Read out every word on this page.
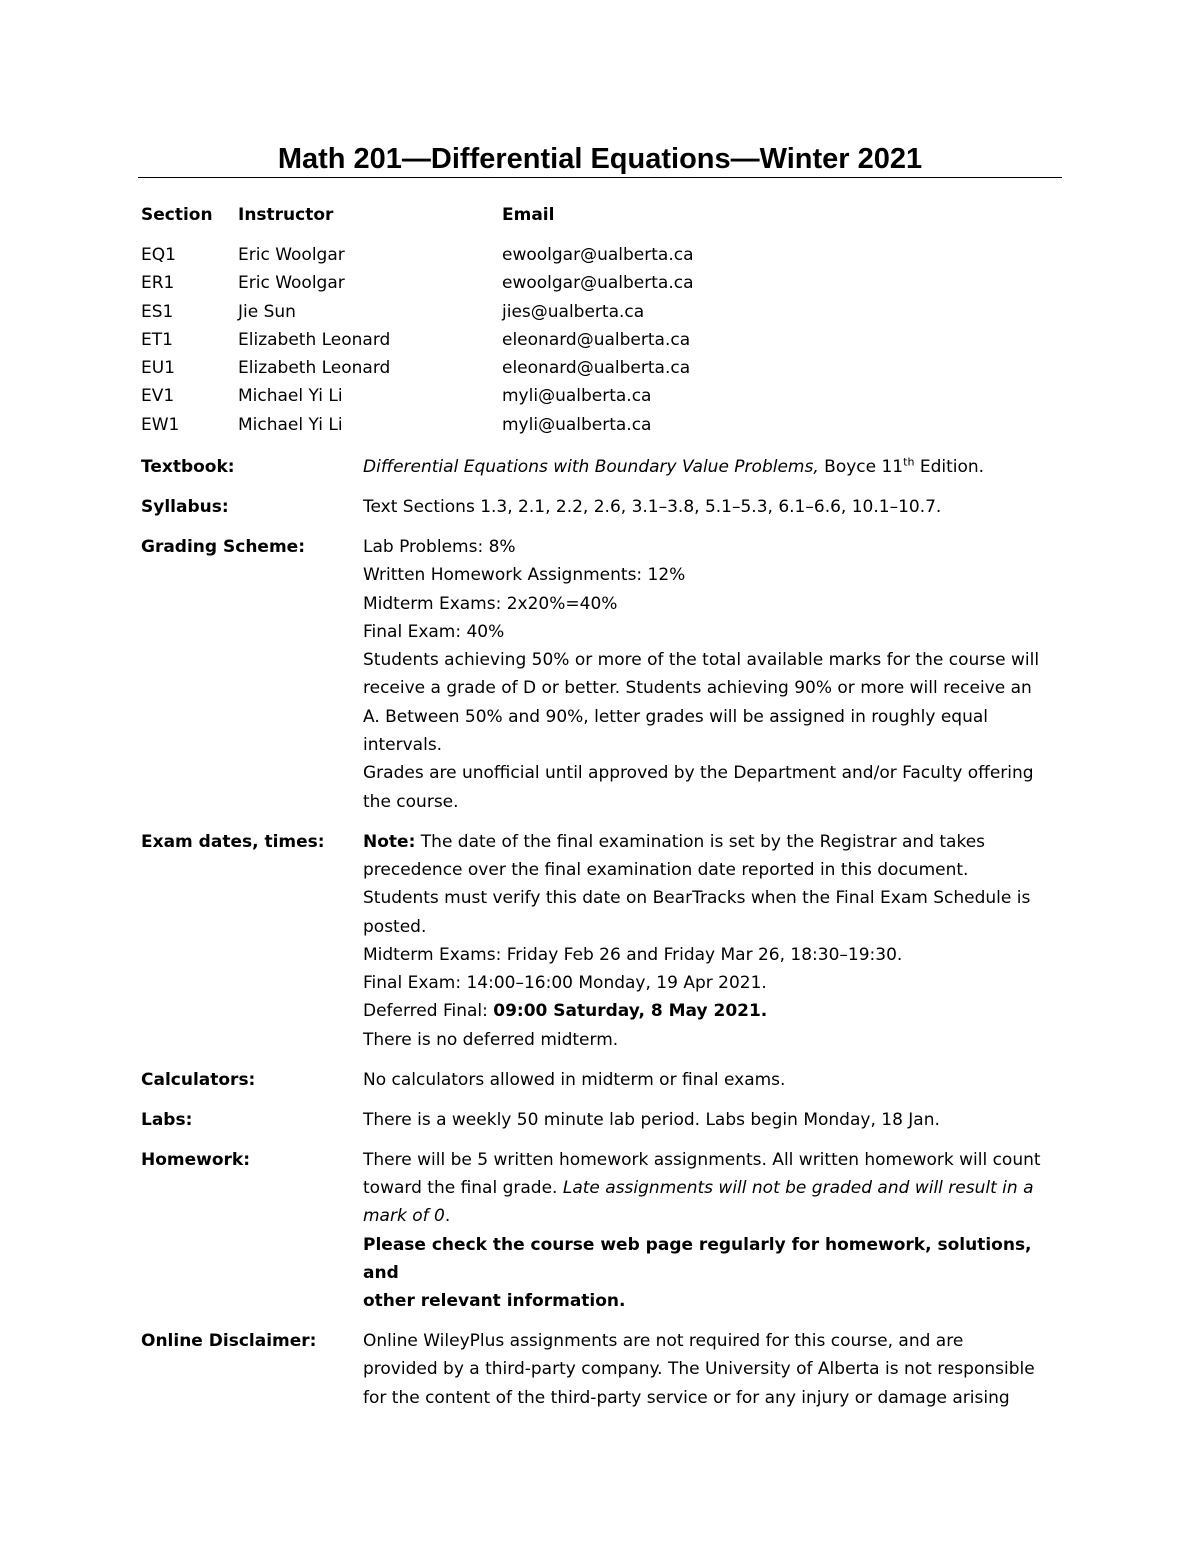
Math 201—Differential Equations—Winter 2021
Section Instructor	Email
EQ1	Eric Woolgar	ewoolgar@ualberta.ca
ER1	Eric Woolgar	ewoolgar@ualberta.ca
ES1	Jie Sun	jies@ualberta.ca
ET1	Elizabeth Leonard	eleonard@ualberta.ca
EU1	Elizabeth Leonard	eleonard@ualberta.ca
EV1	Michael Yi Li	myli@ualberta.ca
EW1	Michael Yi Li	myli@ualberta.ca
Textbook:	Differential Equations with Boundary Value Problems, Boyce 11th Edition.
Syllabus:	Text Sections 1.3, 2.1, 2.2, 2.6, 3.1–3.8, 5.1–5.3, 6.1–6.6, 10.1–10.7.
Grading Scheme:	Lab Problems: 8%
Written Homework Assignments: 12%
Midterm Exams: 2x20%=40%
Final Exam: 40%
Students achieving 50% or more of the total available marks for the course will
receive a grade of D or better. Students achieving 90% or more will receive an
A. Between 50% and 90%, letter grades will be assigned in roughly equal
intervals.
Grades are unofficial until approved by the Department and/or Faculty offering
the course.
Exam dates, times: Note: The date of the final examination is set by the Registrar and takes
precedence over the final examination date reported in this document.
Students must verify this date on BearTracks when the Final Exam Schedule is
posted.
Midterm Exams: Friday Feb 26 and Friday Mar 26, 18:30–19:30.
Final Exam: 14:00–16:00 Monday, 19 Apr 2021.
Deferred Final: 09:00 Saturday, 8 May 2021.
There is no deferred midterm.
Calculators:	No calculators allowed in midterm or final exams.
Labs:	There is a weekly 50 minute lab period. Labs begin Monday, 18 Jan.
Homework:	There will be 5 written homework assignments. All written homework will count
toward the final grade. Late assignments will not be graded and will result in a
mark of 0.
Please check the course web page regularly for homework, solutions, and
other relevant information.
Online Disclaimer:	Online WileyPlus assignments are not required for this course, and are
provided by a third-party company. The University of Alberta is not responsible
for the content of the third-party service or for any injury or damage arising
